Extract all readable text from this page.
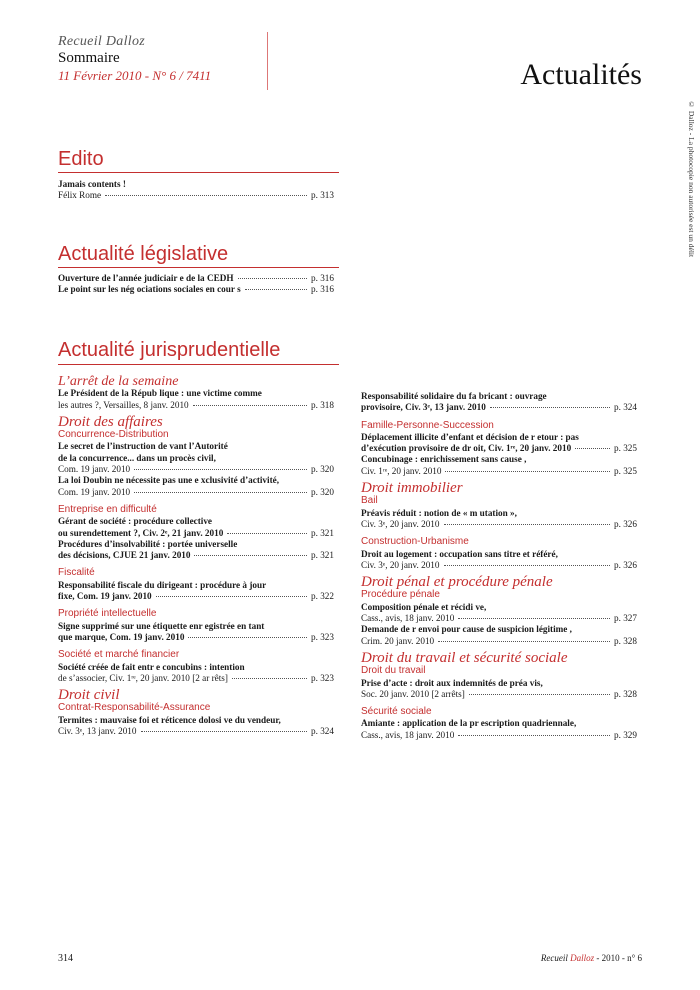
Recueil Dalloz
Sommaire
11 Février 2010 - N° 6 / 7411	Actualités
© Dalloz - La photocopie non autorisée est un délit
Edito
Jamais contents !
Félix Rome	p. 313
Actualité législative
Ouverture de l’année judiciair e de la CEDH	p. 316
Le point sur les nég ociations sociales en cour s	p. 316
Actualité jurisprudentielle
L’arrêt de la semaine
Le Président de la Répub lique : une victime comme
les autres ?, Versailles, 8 janv. 2010	p. 318
Droit des affaires
Concurrence-Distribution
Le secret de l’instruction de vant l’Autorité
de la concurrence... dans un procès civil,
Com. 19 janv. 2010	p. 320
La loi Doubin ne nécessite pas une e xclusivité d’activité,
Com. 19 janv. 2010	p. 320
Entreprise en difficulté
Gérant de société : procédure collective
ou surendettement ?, Civ. 2ᵉ, 21 janv. 2010	p. 321
Procédures d’insolvabilité : portée universelle
des décisions, CJUE 21 janv. 2010	p. 321
Fiscalité
Responsabilité fiscale du dirigeant : procédure à jour
fixe, Com. 19 janv. 2010	p. 322
Propriété intellectuelle
Signe supprimé sur une étiquette enr egistrée en tant
que marque, Com. 19 janv. 2010	p. 323
Société et marché financier
Société créée de fait entr e concubins : intention
de s’associer, Civ. 1ʳᵉ, 20 janv. 2010 [2 ar rêts]	p. 323
Droit civil
Contrat-Responsabilité-Assurance
Termites : mauvaise foi et réticence dolosi ve du vendeur,
Civ. 3ᵉ, 13 janv. 2010	p. 324
Responsabilité solidaire du fa bricant : ouvrage
provisoire, Civ. 3ᵉ, 13 janv. 2010	p. 324
Famille-Personne-Succession
Déplacement illicite d’enfant et décision de r etour : pas
d’exécution provisoire de dr oit, Civ. 1ʳᵉ, 20 janv. 2010	p. 325
Concubinage : enrichissement sans cause ,
Civ. 1ʳᵉ, 20 janv. 2010	p. 325
Droit immobilier
Bail
Préavis réduit : notion de « m utation »,
Civ. 3ᵉ, 20 janv. 2010	p. 326
Construction-Urbanisme
Droit au logement : occupation sans titre et référé,
Civ. 3ᵉ, 20 janv. 2010	p. 326
Droit pénal et procédure pénale
Procédure pénale
Composition pénale et récidi ve,
Cass., avis, 18 janv. 2010	p. 327
Demande de r envoi pour cause de suspicion légitime ,
Crim. 20 janv. 2010	p. 328
Droit du travail et sécurité sociale
Droit du travail
Prise d’acte : droit aux indemnités de préa vis,
Soc. 20 janv. 2010 [2 arrêts]	p. 328
Sécurité sociale
Amiante : application de la pr escription quadriennale,
Cass., avis, 18 janv. 2010	p. 329
314	Recueil Dalloz - 2010 - n° 6
